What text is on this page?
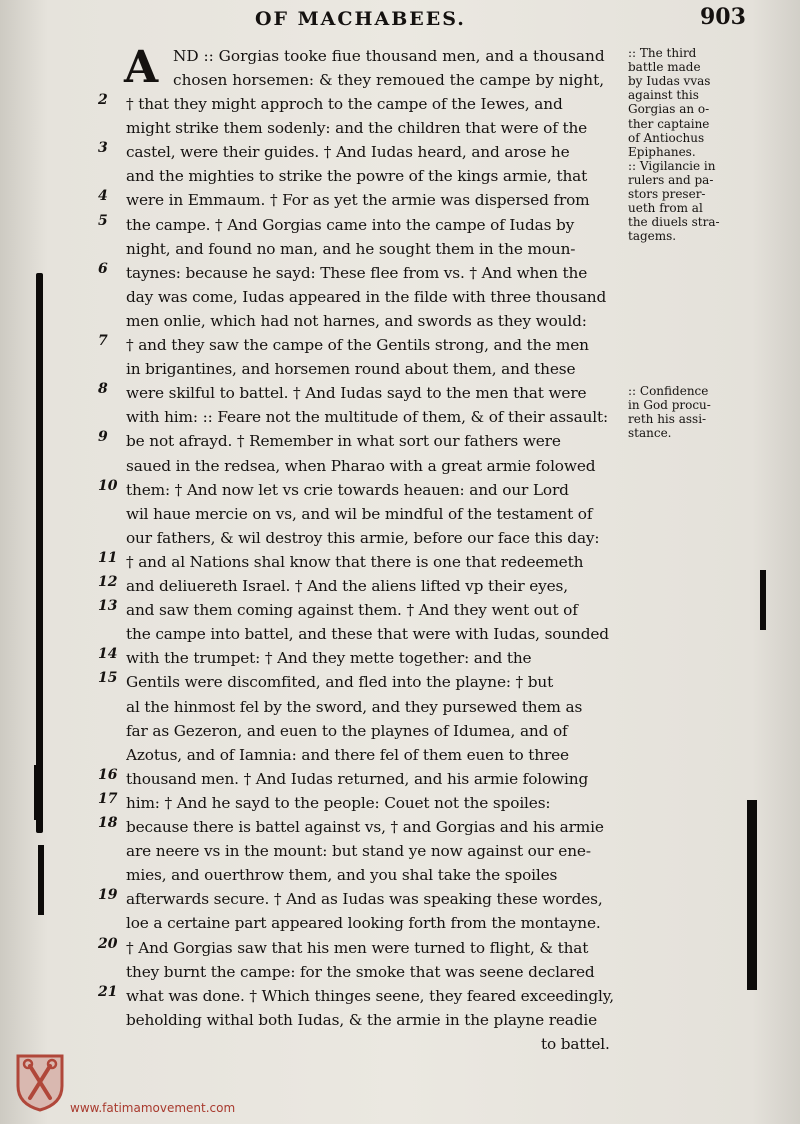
OF MACHABEES.	903
2
3
4
5
6
7
8
9
10
11
12
13
14
15
16
17
18
19
20
21
A ND :: Gorgias tooke fiue thousand men, and a thousand
chosen horsemen: & they remoued the campe by night,
† that they might approch to the campe of the Iewes, and
might strike them sodenly: and the children that were of the
castel, were their guides. † And Iudas heard, and arose he
and the mighties to strike the powre of the kings armie, that
were in Emmaum. † For as yet the armie was dispersed from
the campe. † And Gorgias came into the campe of Iudas by
night, and found no man, and he sought them in the moun-
taynes: because he sayd: These flee from vs. † And when the
day was come, Iudas appeared in the filde with three thousand
men onlie, which had not harnes, and swords as they would:
† and they saw the campe of the Gentils strong, and the men
in brigantines, and horsemen round about them, and these
were skilful to battel. † And Iudas sayd to the men that were
with him: :: Feare not the multitude of them, & of their assault:
be not afrayd. † Remember in what sort our fathers were
saued in the redsea, when Pharao with a great armie folowed
them: † And now let vs crie towards heauen: and our Lord
wil haue mercie on vs, and wil be mindful of the testament of
our fathers, & wil destroy this armie, before our face this day:
† and al Nations shal know that there is one that redeemeth
and deliuereth Israel. † And the aliens lifted vp their eyes,
and saw them coming against them. † And they went out of
the campe into battel, and these that were with Iudas, sounded
with the trumpet: † And they mette together: and the
Gentils were discomfited, and fled into the playne: † but
al the hinmost fel by the sword, and they pursewed them as
far as Gezeron, and euen to the playnes of Idumea, and of
Azotus, and of Iamnia: and there fel of them euen to three
thousand men. † And Iudas returned, and his armie folowing
him: † And he sayd to the people: Couet not the spoiles:
because there is battel against vs, † and Gorgias and his armie
are neere vs in the mount: but stand ye now against our ene-
mies, and ouerthrow them, and you shal take the spoiles
afterwards secure. † And as Iudas was speaking these wordes,
loe a certaine part appeared looking forth from the montayne.
† And Gorgias saw that his men were turned to flight, & that
they burnt the campe: for the smoke that was seene declared
what was done. † Which thinges seene, they feared exceedingly,
beholding withal both Iudas, & the armie in the playne readie
to battel.
:: The third
battle made
by Iudas vvas
against this
Gorgias an o-
ther captaine
of Antiochus
Epiphanes.
:: Vigilancie in
rulers and pa-
stors preser-
ueth from al
the diuels stra-
tagems.
:: Confidence
in God procu-
reth his assi-
stance.
www.fatimamovement.com
